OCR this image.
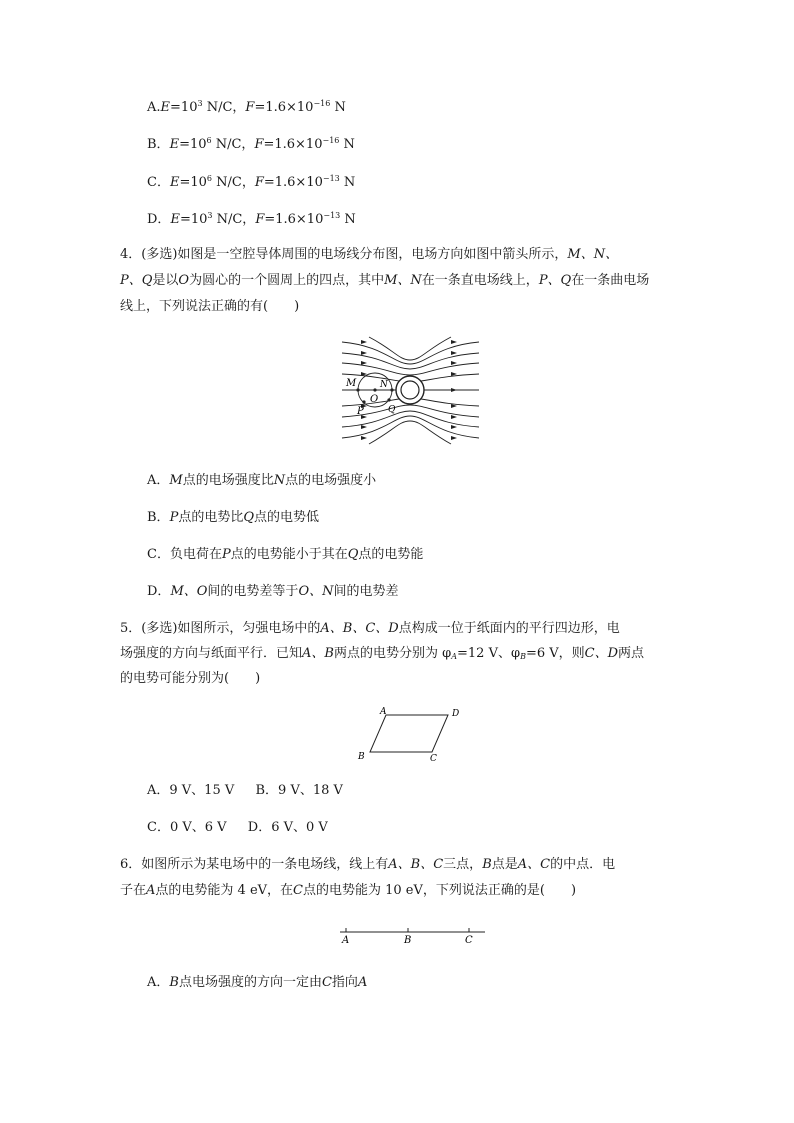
$A.E=10^3$ N/C，$F=1.6\times 10^{-16}$ N
B．$E=10^6$ N/C，$F=1.6\times 10^{-16}$ N
C．$E=10^6$ N/C，$F=1.6\times 10^{-13}$ N
D．$E=10^3$ N/C，$F=1.6\times 10^{-13}$ N
4．(多选)如图是一空腔导体周围的电场线分布图，电场方向如图中箭头所示，M、N、
P、Q是以O为圆心的一个圆周上的四点，其中M、N在一条直电场线上，P、Q在一条曲电场
线上，下列说法正确的有(　　)
M	N
O
P	Q
A．M点的电场强度比N点的电场强度小
B．P点的电势比Q点的电势低
C．负电荷在P点的电势能小于其在Q点的电势能
D．M、O间的电势差等于O、N间的电势差
5．(多选)如图所示，匀强电场中的A、B、C、D点构成一位于纸面内的平行四边形，电
场强度的方向与纸面平行．已知A、B两点的电势分别为 $\varphi_A=12$ V、$\varphi_B=6$ V，则C、D两点
的电势可能分别为(　　)
A	D
B	C
A．9 V、15 V　  B．9 V、18 V
C．0 V、6 V　  D．6 V、0 V
6．如图所示为某电场中的一条电场线，线上有A、B、C三点，B点是A、C的中点．电
子在A点的电势能为 4 eV，在C点的电势能为 10 eV，下列说法正确的是(　　)
A	B	C
A．B点电场强度的方向一定由C指向A
